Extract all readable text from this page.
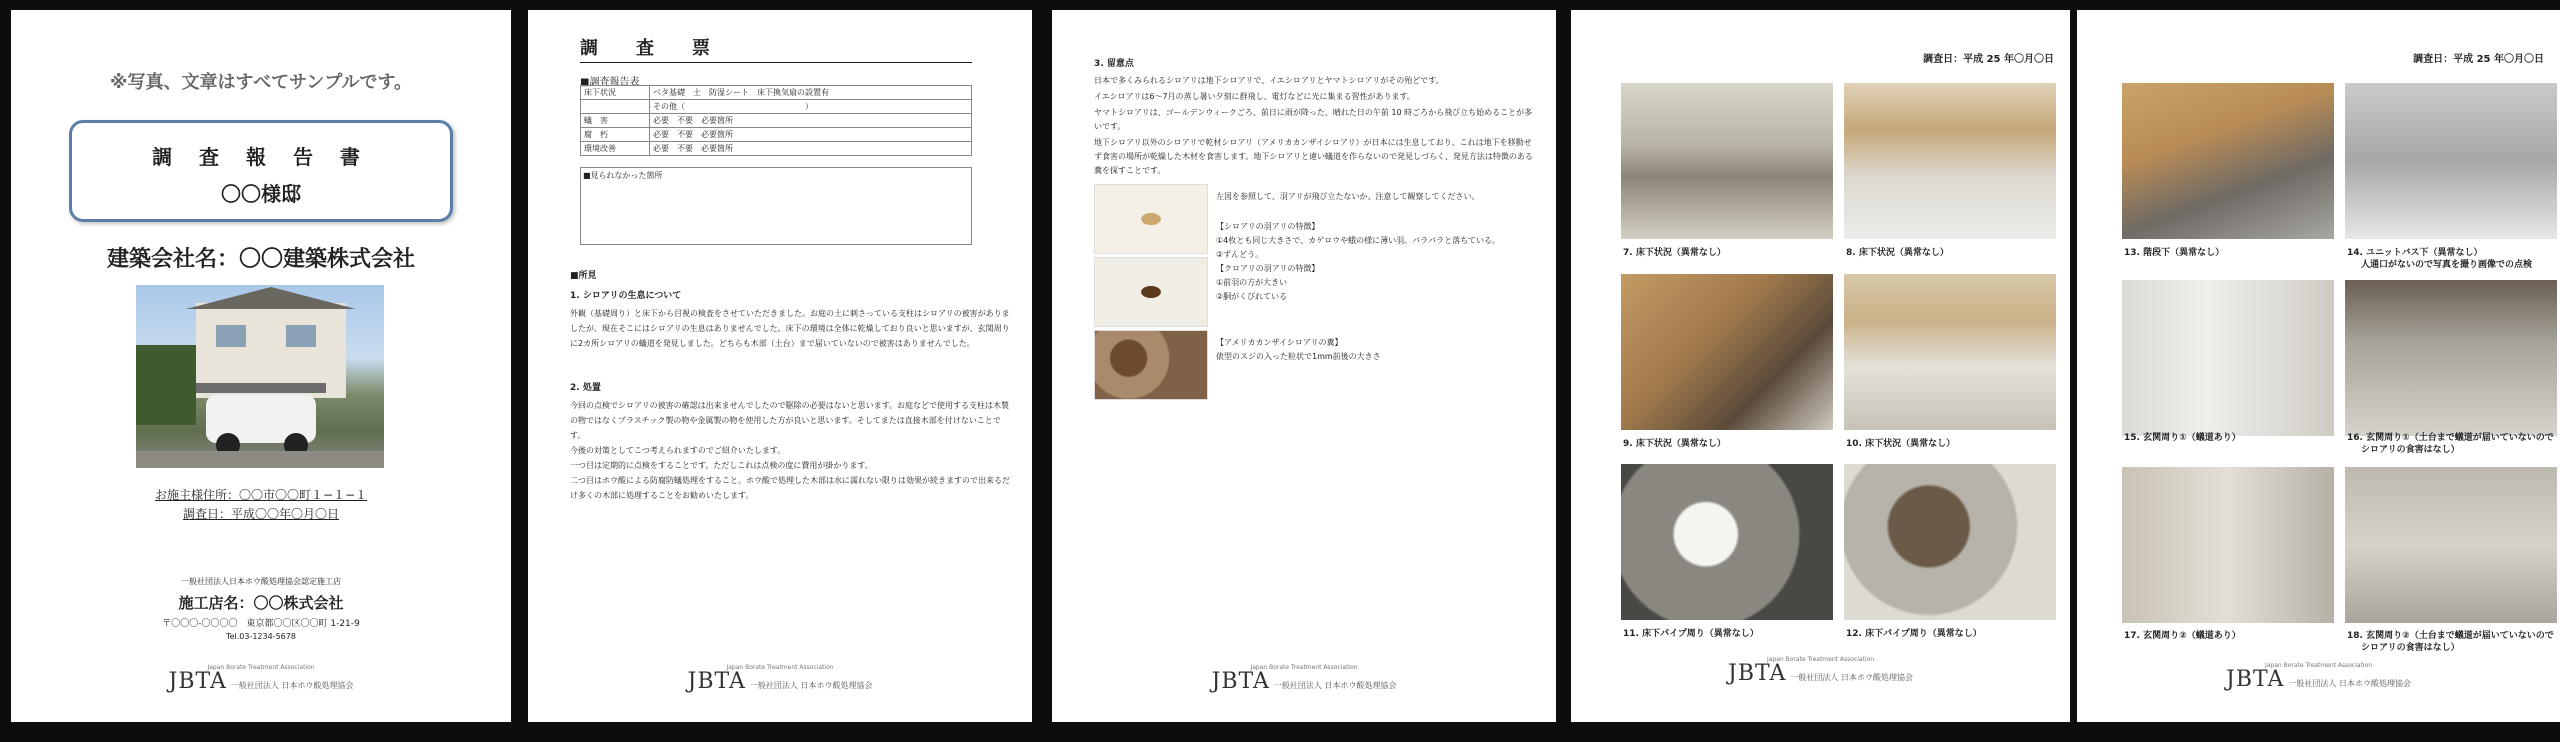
※写真、文章はすべてサンプルです。
調 査 報 告 書
〇〇様邸
建築会社名：〇〇建築株式会社
お施主様住所：〇〇市〇〇町１−１−１
調査日：平成〇〇年〇月〇日
一般社団法人日本ホウ酸処理協会認定施工店
施工店名：〇〇株式会社
〒〇〇〇-〇〇〇〇　東京都〇〇区〇〇町 1-21-9
Tel.03-1234-5678
Japan Borate Treatment Association
JBTA 一般社団法人 日本ホウ酸処理協会
調　査　票
■調査報告表
床下状況	ベタ基礎　土　防湿シート　床下換気扇の設置有
	その他（　　　　　　　　　　　　　　　）
蟻　害	必要　不要　必要箇所
腐　朽	必要　不要　必要箇所
環境改善	必要　不要　必要箇所
■見られなかった箇所
■所見
1. シロアリの生息について
外観（基礎周り）と床下から目視の検査をさせていただきました。お庭の土に刺さっている支柱はシロアリの被害がありましたが、現在そこにはシロアリの生息はありませんでした。床下の環境は全体に乾燥しており良いと思いますが、玄関周りに2カ所シロアリの蟻道を発見しました。どちらも木部（土台）まで届いていないので被害はありませんでした。
2. 処置
今回の点検でシロアリの被害の確認は出来ませんでしたので駆除の必要はないと思います。お庭などで使用する支柱は木製の物ではなくプラスチック製の物や金属製の物を使用した方が良いと思います。そしてまたは直接木部を付けないことです。
今後の対策としてこつ考えられますのでご紹介いたします。
一つ目は定期的に点検をすることです。ただしこれは点検の度に費用が掛かります。
二つ目はホウ酸による防腐防蟻処理をすること。ホウ酸で処理した木部は水に濡れない限りは効果が続きますので出来るだけ多くの木部に処理することをお勧めいたします。
Japan Borate Treatment Association
JBTA 一般社団法人 日本ホウ酸処理協会
3. 留意点
日本で多くみられるシロアリは地下シロアリで、イエシロアリとヤマトシロアリがその殆どです。
イエシロアリは6〜7月の蒸し暑い夕刻に群飛し、電灯などに光に集まる習性があります。
ヤマトシロアリは、ゴールデンウィークごろ、前日に雨が降った、晴れた日の午前 10 時ごろから飛び立ち始めることが多いです。
地下シロアリ以外のシロアリで乾材シロアリ（アメリカカンザイシロアリ）が日本には生息しており、これは地下を移動せず食害の場所が乾燥した木材を食害します。地下シロアリと違い蟻道を作らないので発見しづらく、発見方法は特徴のある糞を探すことです。
左図を参照して、羽アリが飛び立たないか、注意して観察してください。
【シロアリの羽アリの特徴】
①4枚とも同じ大きさで、カゲロウや蛾の様に薄い羽。パラパラと落ちている。
②ずんどう。
【クロアリの羽アリの特徴】
①前羽の方が大きい
②胴がくびれている
【アメリカカンザイシロアリの糞】
俵型のスジの入った粒状で1mm前後の大きさ
Japan Borate Treatment Association
JBTA 一般社団法人 日本ホウ酸処理協会
調査日：平成 25 年〇月〇日
7. 床下状況（異常なし）	8. 床下状況（異常なし）
9. 床下状況（異常なし）	10. 床下状況（異常なし）
11. 床下パイプ周り（異常なし）	12. 床下パイプ周り（異常なし）
Japan Borate Treatment Association
JBTA 一般社団法人 日本ホウ酸処理協会
調査日：平成 25 年〇月〇日
13. 階段下（異常なし）	14. ユニットバス下（異常なし）
人通口がないので写真を撮り画像での点検
15. 玄関周り①（蟻道あり）	16. 玄関周り①（土台まで蟻道が届いていないので
シロアリの食害はなし）
17. 玄関周り②（蟻道あり）	18. 玄関周り②（土台まで蟻道が届いていないので
シロアリの食害はなし）
Japan Borate Treatment Association
JBTA 一般社団法人 日本ホウ酸処理協会
